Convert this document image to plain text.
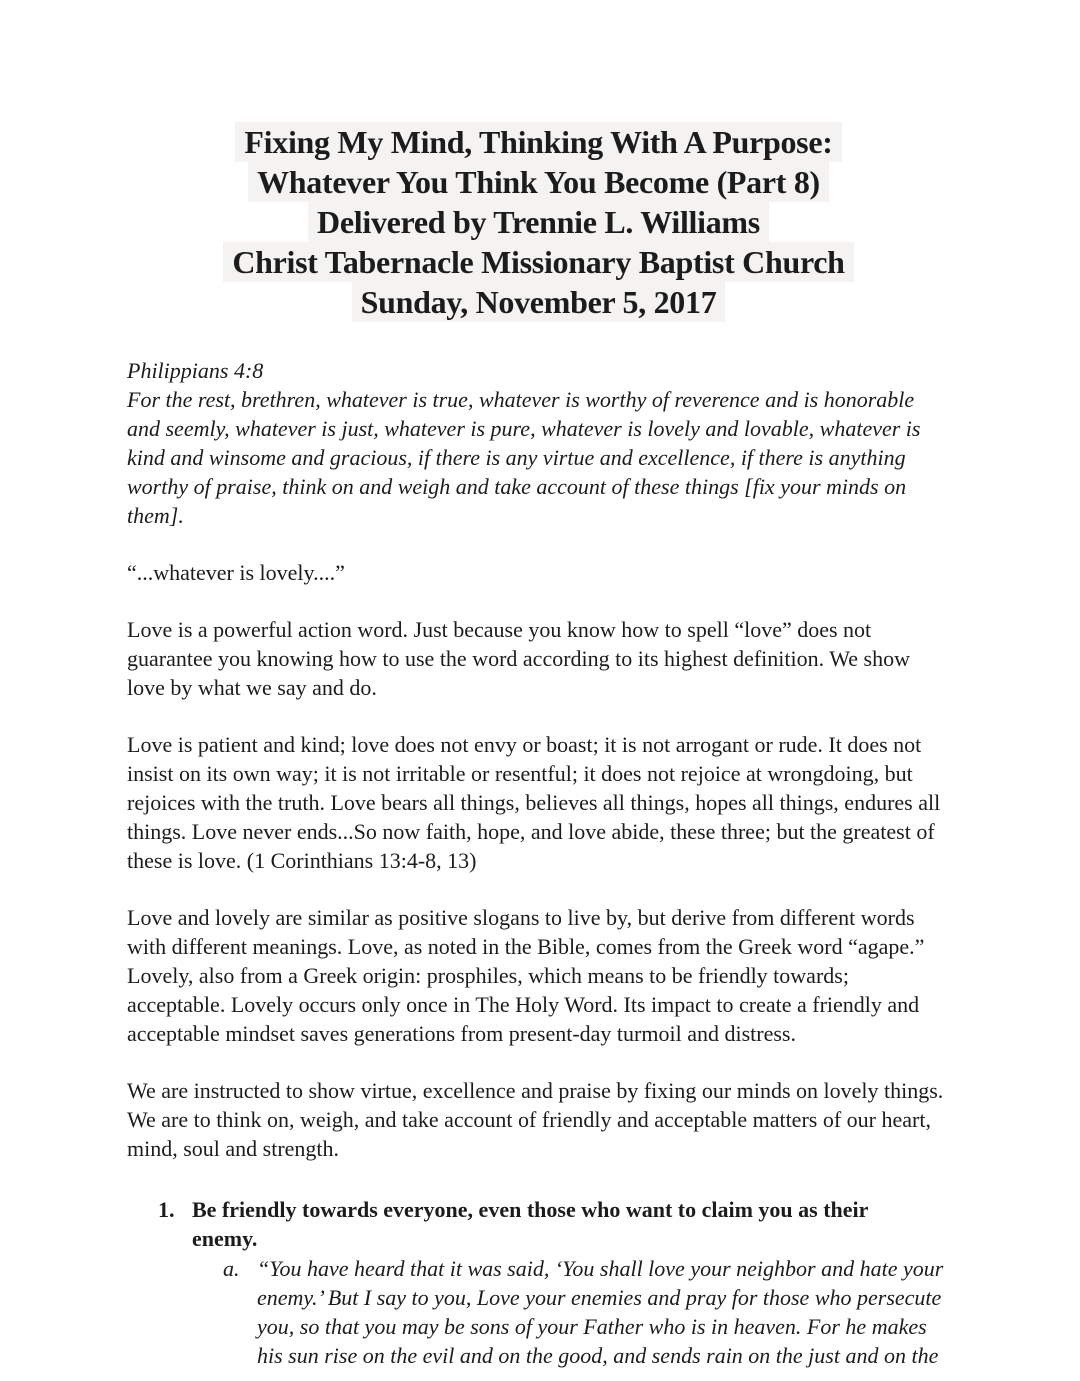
Fixing My Mind, Thinking With A Purpose:
Whatever You Think You Become (Part 8)
Delivered by Trennie L. Williams
Christ Tabernacle Missionary Baptist Church
Sunday, November 5, 2017
Philippians 4:8
For the rest, brethren, whatever is true, whatever is worthy of reverence and is honorable and seemly, whatever is just, whatever is pure, whatever is lovely and lovable, whatever is kind and winsome and gracious, if there is any virtue and excellence, if there is anything worthy of praise, think on and weigh and take account of these things [fix your minds on them].
“...whatever is lovely....”
Love is a powerful action word. Just because you know how to spell “love” does not guarantee you knowing how to use the word according to its highest definition. We show love by what we say and do.
Love is patient and kind; love does not envy or boast; it is not arrogant or rude. It does not insist on its own way; it is not irritable or resentful; it does not rejoice at wrongdoing, but rejoices with the truth. Love bears all things, believes all things, hopes all things, endures all things. Love never ends...So now faith, hope, and love abide, these three; but the greatest of these is love. (1 Corinthians 13:4-8, 13)
Love and lovely are similar as positive slogans to live by, but derive from different words with different meanings. Love, as noted in the Bible, comes from the Greek word “agape.” Lovely, also from a Greek origin: prosphiles, which means to be friendly towards; acceptable. Lovely occurs only once in The Holy Word. Its impact to create a friendly and acceptable mindset saves generations from present-day turmoil and distress.
We are instructed to show virtue, excellence and praise by fixing our minds on lovely things. We are to think on, weigh, and take account of friendly and acceptable matters of our heart, mind, soul and strength.
1. Be friendly towards everyone, even those who want to claim you as their enemy.
a. “You have heard that it was said, ‘You shall love your neighbor and hate your enemy.’ But I say to you, Love your enemies and pray for those who persecute you, so that you may be sons of your Father who is in heaven. For he makes his sun rise on the evil and on the good, and sends rain on the just and on the
